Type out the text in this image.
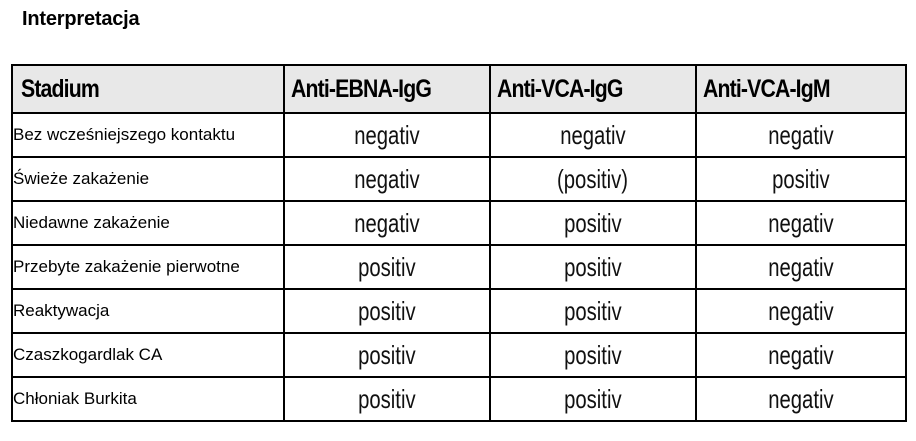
Interpretacja
Stadium	Anti-EBNA-IgG	Anti-VCA-IgG	Anti-VCA-IgM
Bez wcześniejszego kontaktu	negativ	negativ	negativ
Świeże zakażenie	negativ	(positiv)	positiv
Niedawne zakażenie	negativ	positiv	negativ
Przebyte zakażenie pierwotne	positiv	positiv	negativ
Reaktywacja	positiv	positiv	negativ
Czaszkogardlak CA	positiv	positiv	negativ
Chłoniak Burkita	positiv	positiv	negativ
